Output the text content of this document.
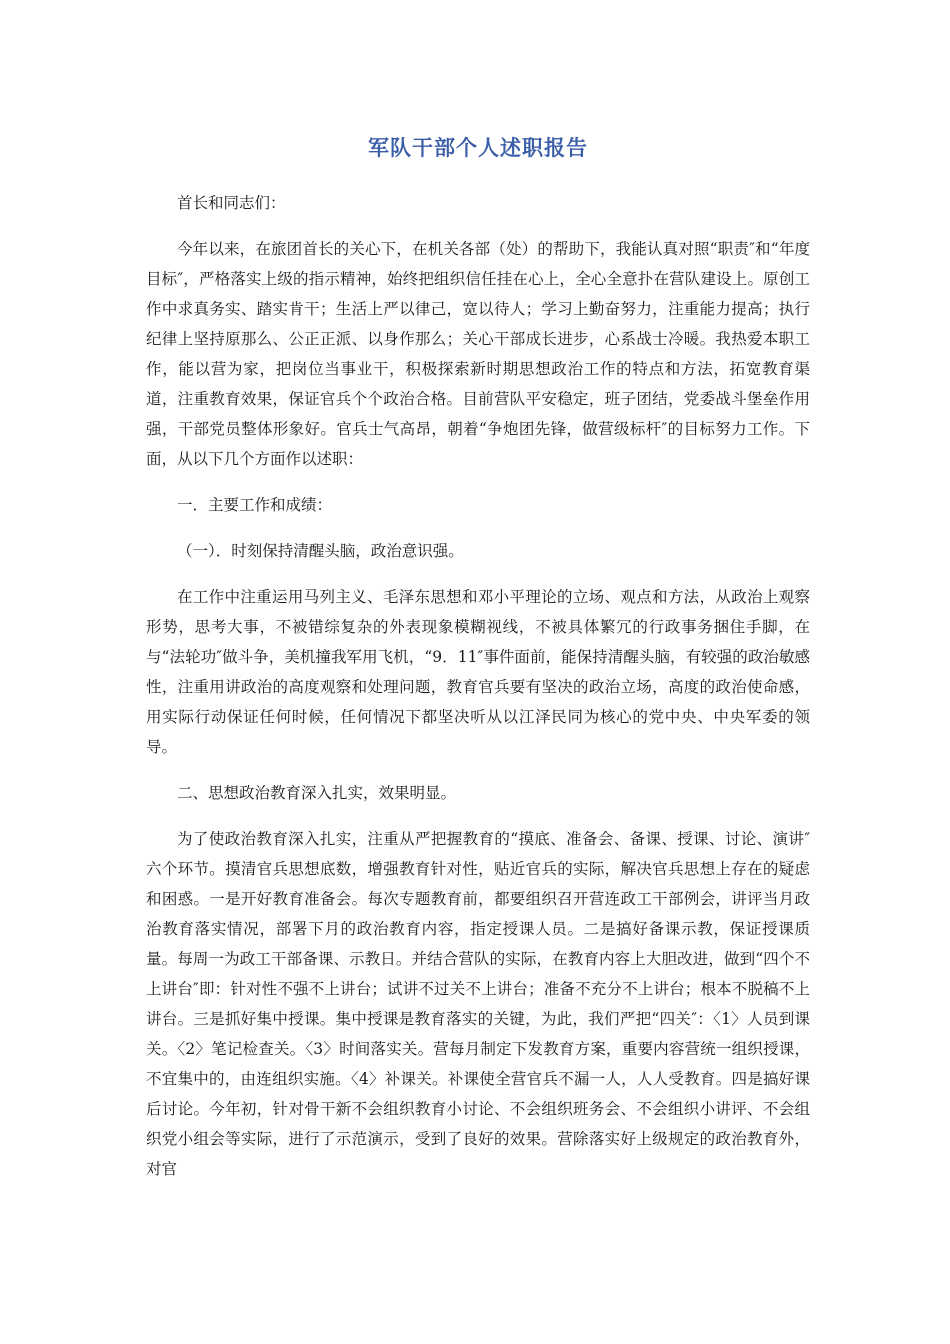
军队干部个人述职报告

首长和同志们：

今年以来，在旅团首长的关心下，在机关各部（处）的帮助下，我能认真对照“职责″和“年度目标″，严格落实上级的指示精神，始终把组织信任挂在心上，全心全意扑在营队建设上。原创工作中求真务实、踏实肯干；生活上严以律己，宽以待人；学习上勤奋努力，注重能力提高；执行纪律上坚持原那么、公正正派、以身作那么；关心干部成长进步，心系战士冷暖。我热爱本职工作，能以营为家，把岗位当事业干，积极探索新时期思想政治工作的特点和方法，拓宽教育渠道，注重教育效果，保证官兵个个政治合格。目前营队平安稳定，班子团结，党委战斗堡垒作用强，干部党员整体形象好。官兵士气高昂，朝着“争炮团先锋，做营级标杆″的目标努力工作。下面，从以下几个方面作以述职：

一．主要工作和成绩：

（一）．时刻保持清醒头脑，政治意识强。

在工作中注重运用马列主义、毛泽东思想和邓小平理论的立场、观点和方法，从政治上观察形势，思考大事，不被错综复杂的外表现象模糊视线，不被具体繁冗的行政事务捆住手脚，在与“法轮功″做斗争，美机撞我军用飞机，“9．11″事件面前，能保持清醒头脑，有较强的政治敏感性，注重用讲政治的高度观察和处理问题，教育官兵要有坚决的政治立场，高度的政治使命感，用实际行动保证任何时候，任何情况下都坚决听从以江泽民同为核心的党中央、中央军委的领导。

二、思想政治教育深入扎实，效果明显。

为了使政治教育深入扎实，注重从严把握教育的“摸底、准备会、备课、授课、讨论、演讲″六个环节。摸清官兵思想底数，增强教育针对性，贴近官兵的实际，解决官兵思想上存在的疑虑和困惑。一是开好教育准备会。每次专题教育前，都要组织召开营连政工干部例会，讲评当月政治教育落实情况，部署下月的政治教育内容，指定授课人员。二是搞好备课示教，保证授课质量。每周一为政工干部备课、示教日。并结合营队的实际，在教育内容上大胆改进，做到“四个不上讲台″即：针对性不强不上讲台；试讲不过关不上讲台；准备不充分不上讲台；根本不脱稿不上讲台。三是抓好集中授课。集中授课是教育落实的关键，为此，我们严把“四关″：〈1〉人员到课关。〈2〉笔记检查关。〈3〉时间落实关。营每月制定下发教育方案，重要内容营统一组织授课，不宜集中的，由连组织实施。〈4〉补课关。补课使全营官兵不漏一人，人人受教育。四是搞好课后讨论。今年初，针对骨干新不会组织教育小讨论、不会组织班务会、不会组织小讲评、不会组织党小组会等实际，进行了示范演示，受到了良好的效果。营除落实好上级规定的政治教育外，对官
